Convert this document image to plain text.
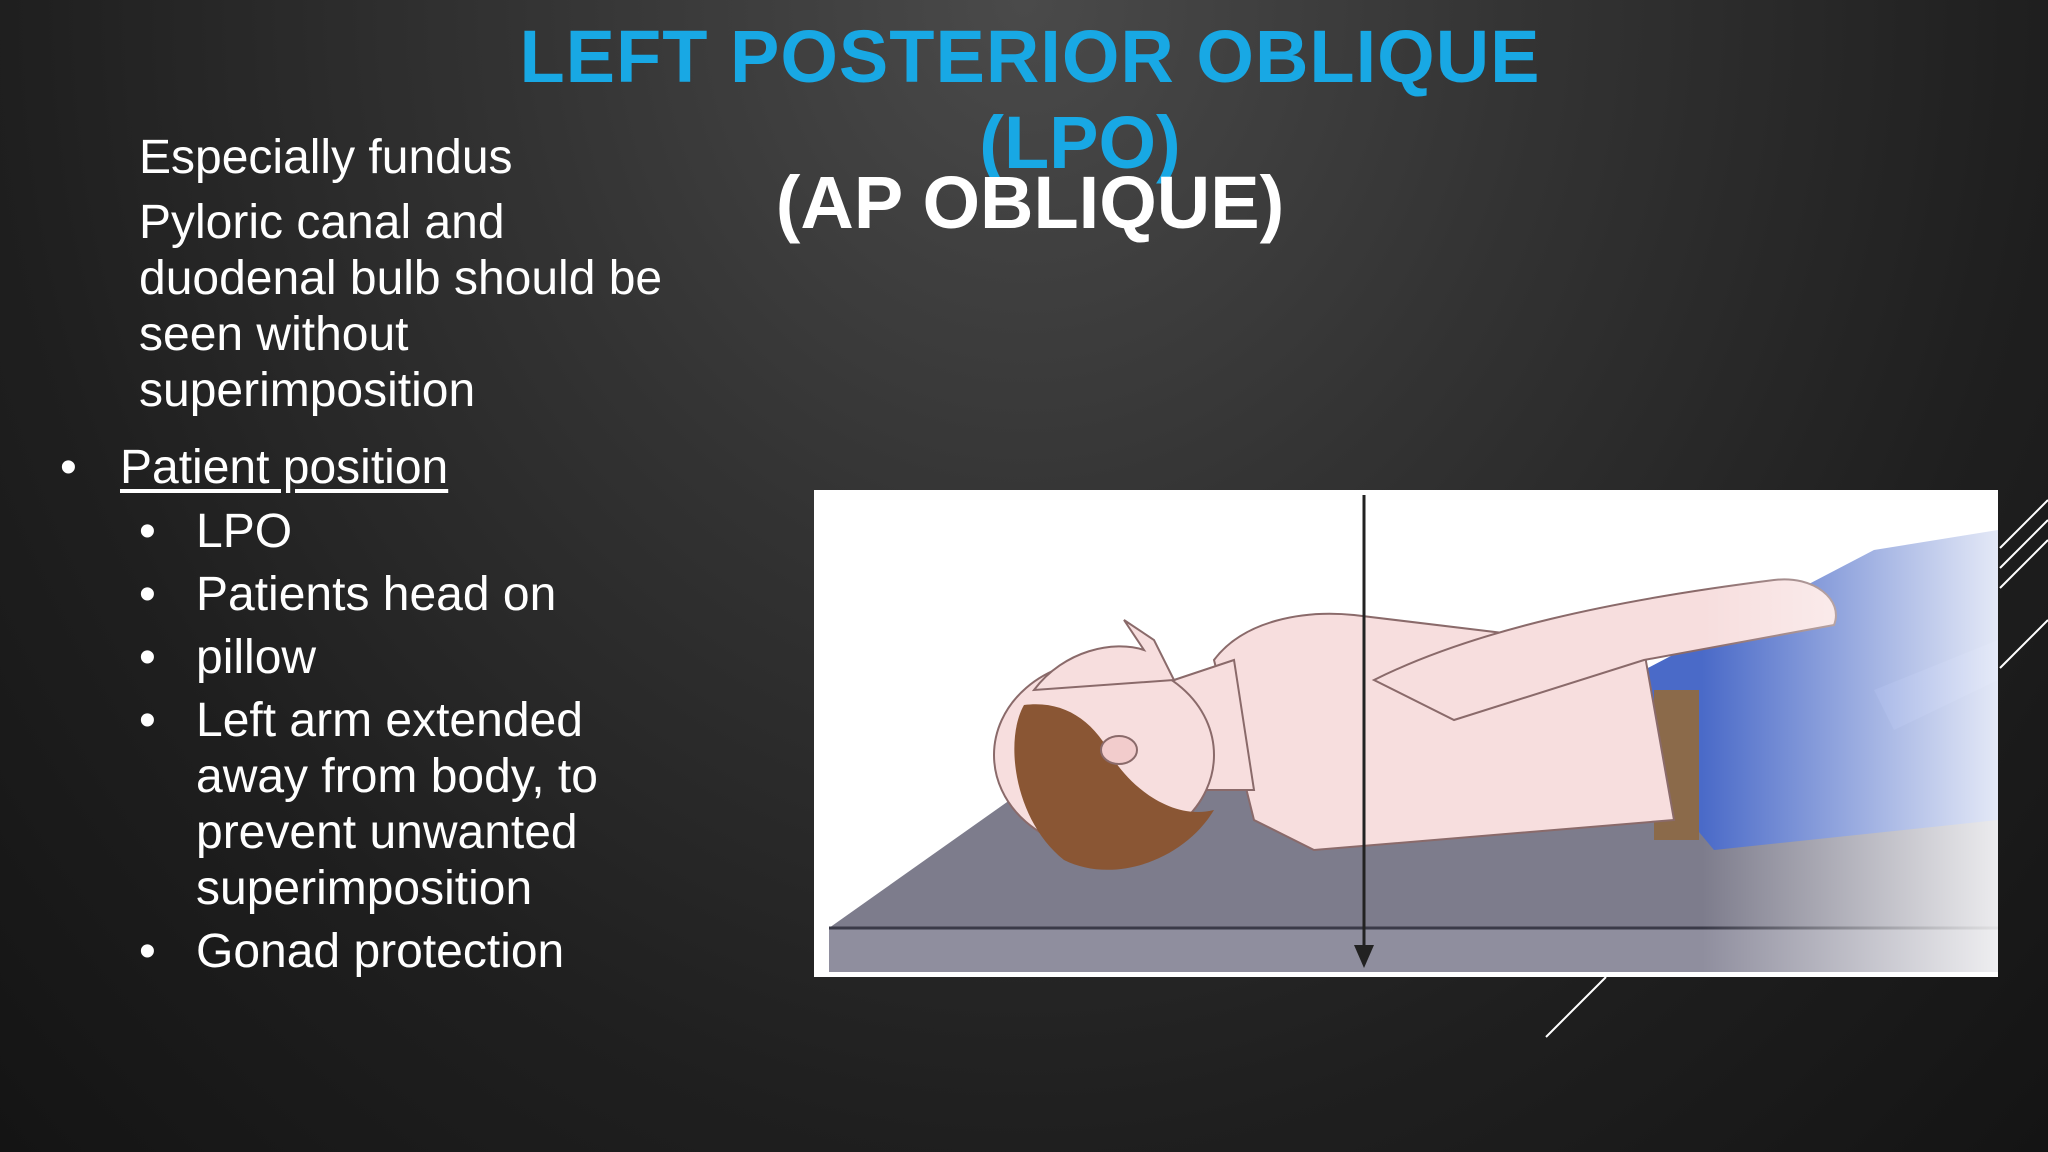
LEFT POSTERIOR OBLIQUE
(LPO)
(AP OBLIQUE)
Especially fundus
Pyloric canal and duodenal bulb should be seen without superimposition
• Patient position
• LPO
• Patients head on
• pillow
• Left arm extended away from body, to prevent unwanted superimposition
• Gonad protection
